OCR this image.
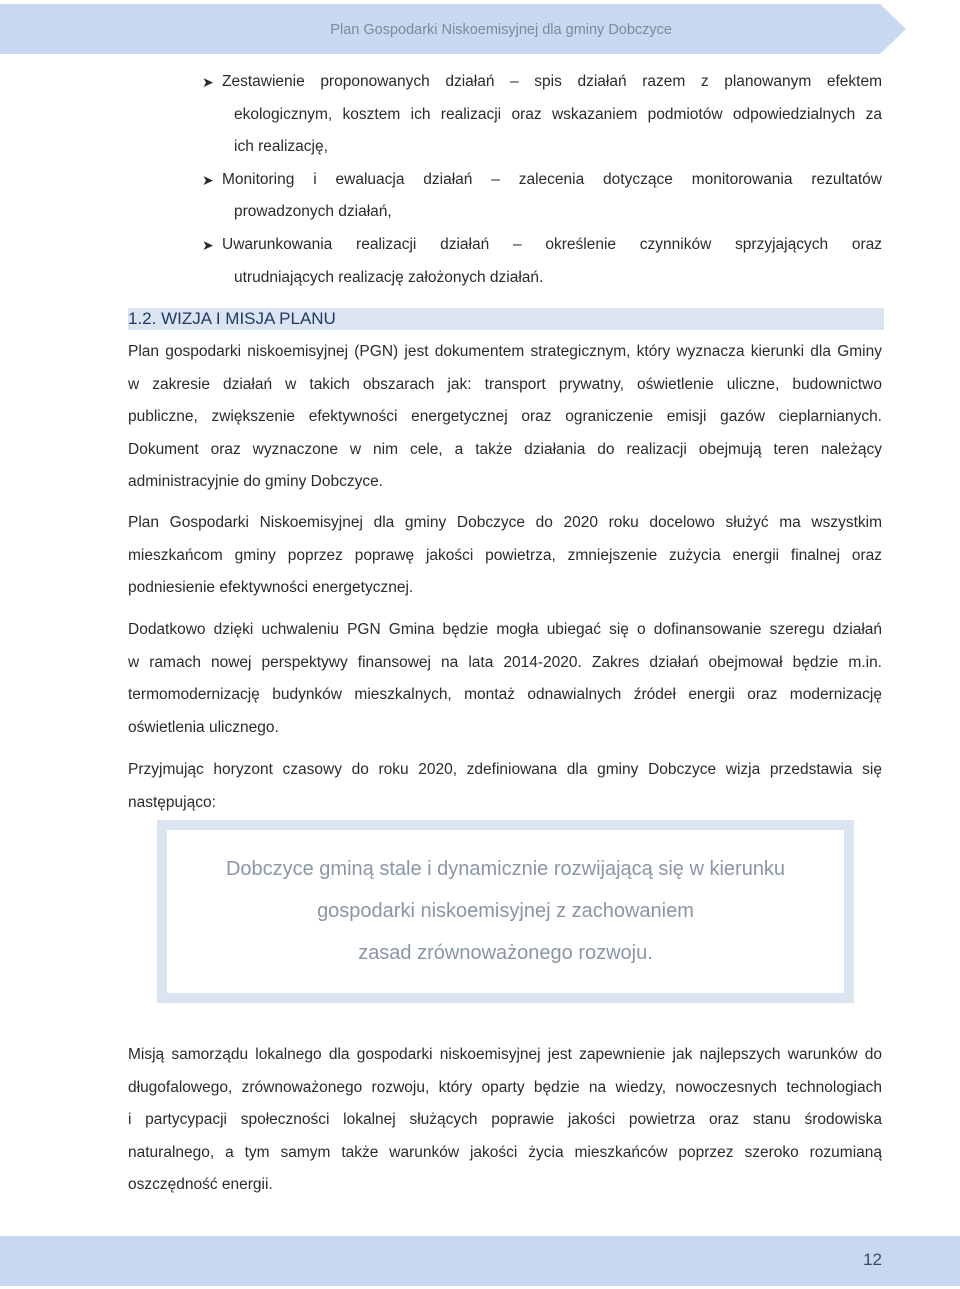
Plan Gospodarki Niskoemisyjnej dla gminy Dobczyce
➤ Zestawienie proponowanych działań – spis działań razem z planowanym efektem
ekologicznym, kosztem ich realizacji oraz wskazaniem podmiotów odpowiedzialnych za
ich realizację,
➤ Monitoring i ewaluacja działań – zalecenia dotyczące monitorowania rezultatów
prowadzonych działań,
➤ Uwarunkowania realizacji działań – określenie czynników sprzyjających oraz
utrudniających realizację założonych działań.
1.2. WIZJA I MISJA PLANU
Plan gospodarki niskoemisyjnej (PGN) jest dokumentem strategicznym, który wyznacza kierunki dla Gminy
w zakresie działań w takich obszarach jak: transport prywatny, oświetlenie uliczne, budownictwo
publiczne, zwiększenie efektywności energetycznej oraz ograniczenie emisji gazów cieplarnianych.
Dokument oraz wyznaczone w nim cele, a także działania do realizacji obejmują teren należący
administracyjnie do gminy Dobczyce.
Plan Gospodarki Niskoemisyjnej dla gminy Dobczyce do 2020 roku docelowo służyć ma wszystkim
mieszkańcom gminy poprzez poprawę jakości powietrza, zmniejszenie zużycia energii finalnej oraz
podniesienie efektywności energetycznej.
Dodatkowo dzięki uchwaleniu PGN Gmina będzie mogła ubiegać się o dofinansowanie szeregu działań
w ramach nowej perspektywy finansowej na lata 2014-2020. Zakres działań obejmował będzie m.in.
termomodernizację budynków mieszkalnych, montaż odnawialnych źródeł energii oraz modernizację
oświetlenia ulicznego.
Przyjmując horyzont czasowy do roku 2020, zdefiniowana dla gminy Dobczyce wizja przedstawia się
następująco:
Dobczyce gminą stale i dynamicznie rozwijającą się w kierunku
gospodarki niskoemisyjnej z zachowaniem
zasad zrównoważonego rozwoju.
Misją samorządu lokalnego dla gospodarki niskoemisyjnej jest zapewnienie jak najlepszych warunków do
długofalowego, zrównoważonego rozwoju, który oparty będzie na wiedzy, nowoczesnych technologiach
i partycypacji społeczności lokalnej służących poprawie jakości powietrza oraz stanu środowiska
naturalnego, a tym samym także warunków jakości życia mieszkańców poprzez szeroko rozumianą
oszczędność energii.
12
